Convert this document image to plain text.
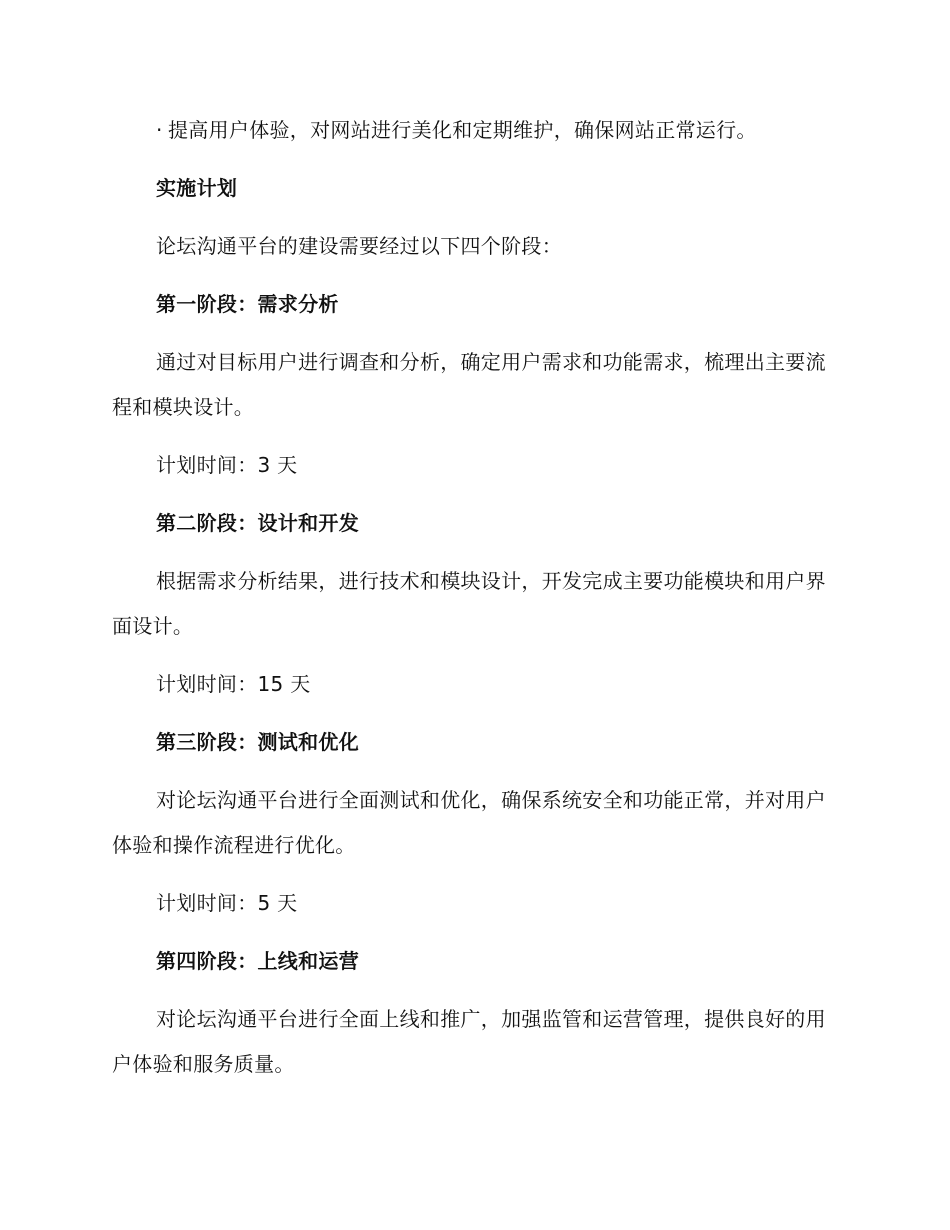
· 提高用户体验，对网站进行美化和定期维护，确保网站正常运行。

实施计划

论坛沟通平台的建设需要经过以下四个阶段：

第一阶段：需求分析

通过对目标用户进行调查和分析，确定用户需求和功能需求，梳理出主要流程和模块设计。

计划时间：3 天

第二阶段：设计和开发

根据需求分析结果，进行技术和模块设计，开发完成主要功能模块和用户界面设计。

计划时间：15 天

第三阶段：测试和优化

对论坛沟通平台进行全面测试和优化，确保系统安全和功能正常，并对用户体验和操作流程进行优化。

计划时间：5 天

第四阶段：上线和运营

对论坛沟通平台进行全面上线和推广，加强监管和运营管理，提供良好的用户体验和服务质量。
